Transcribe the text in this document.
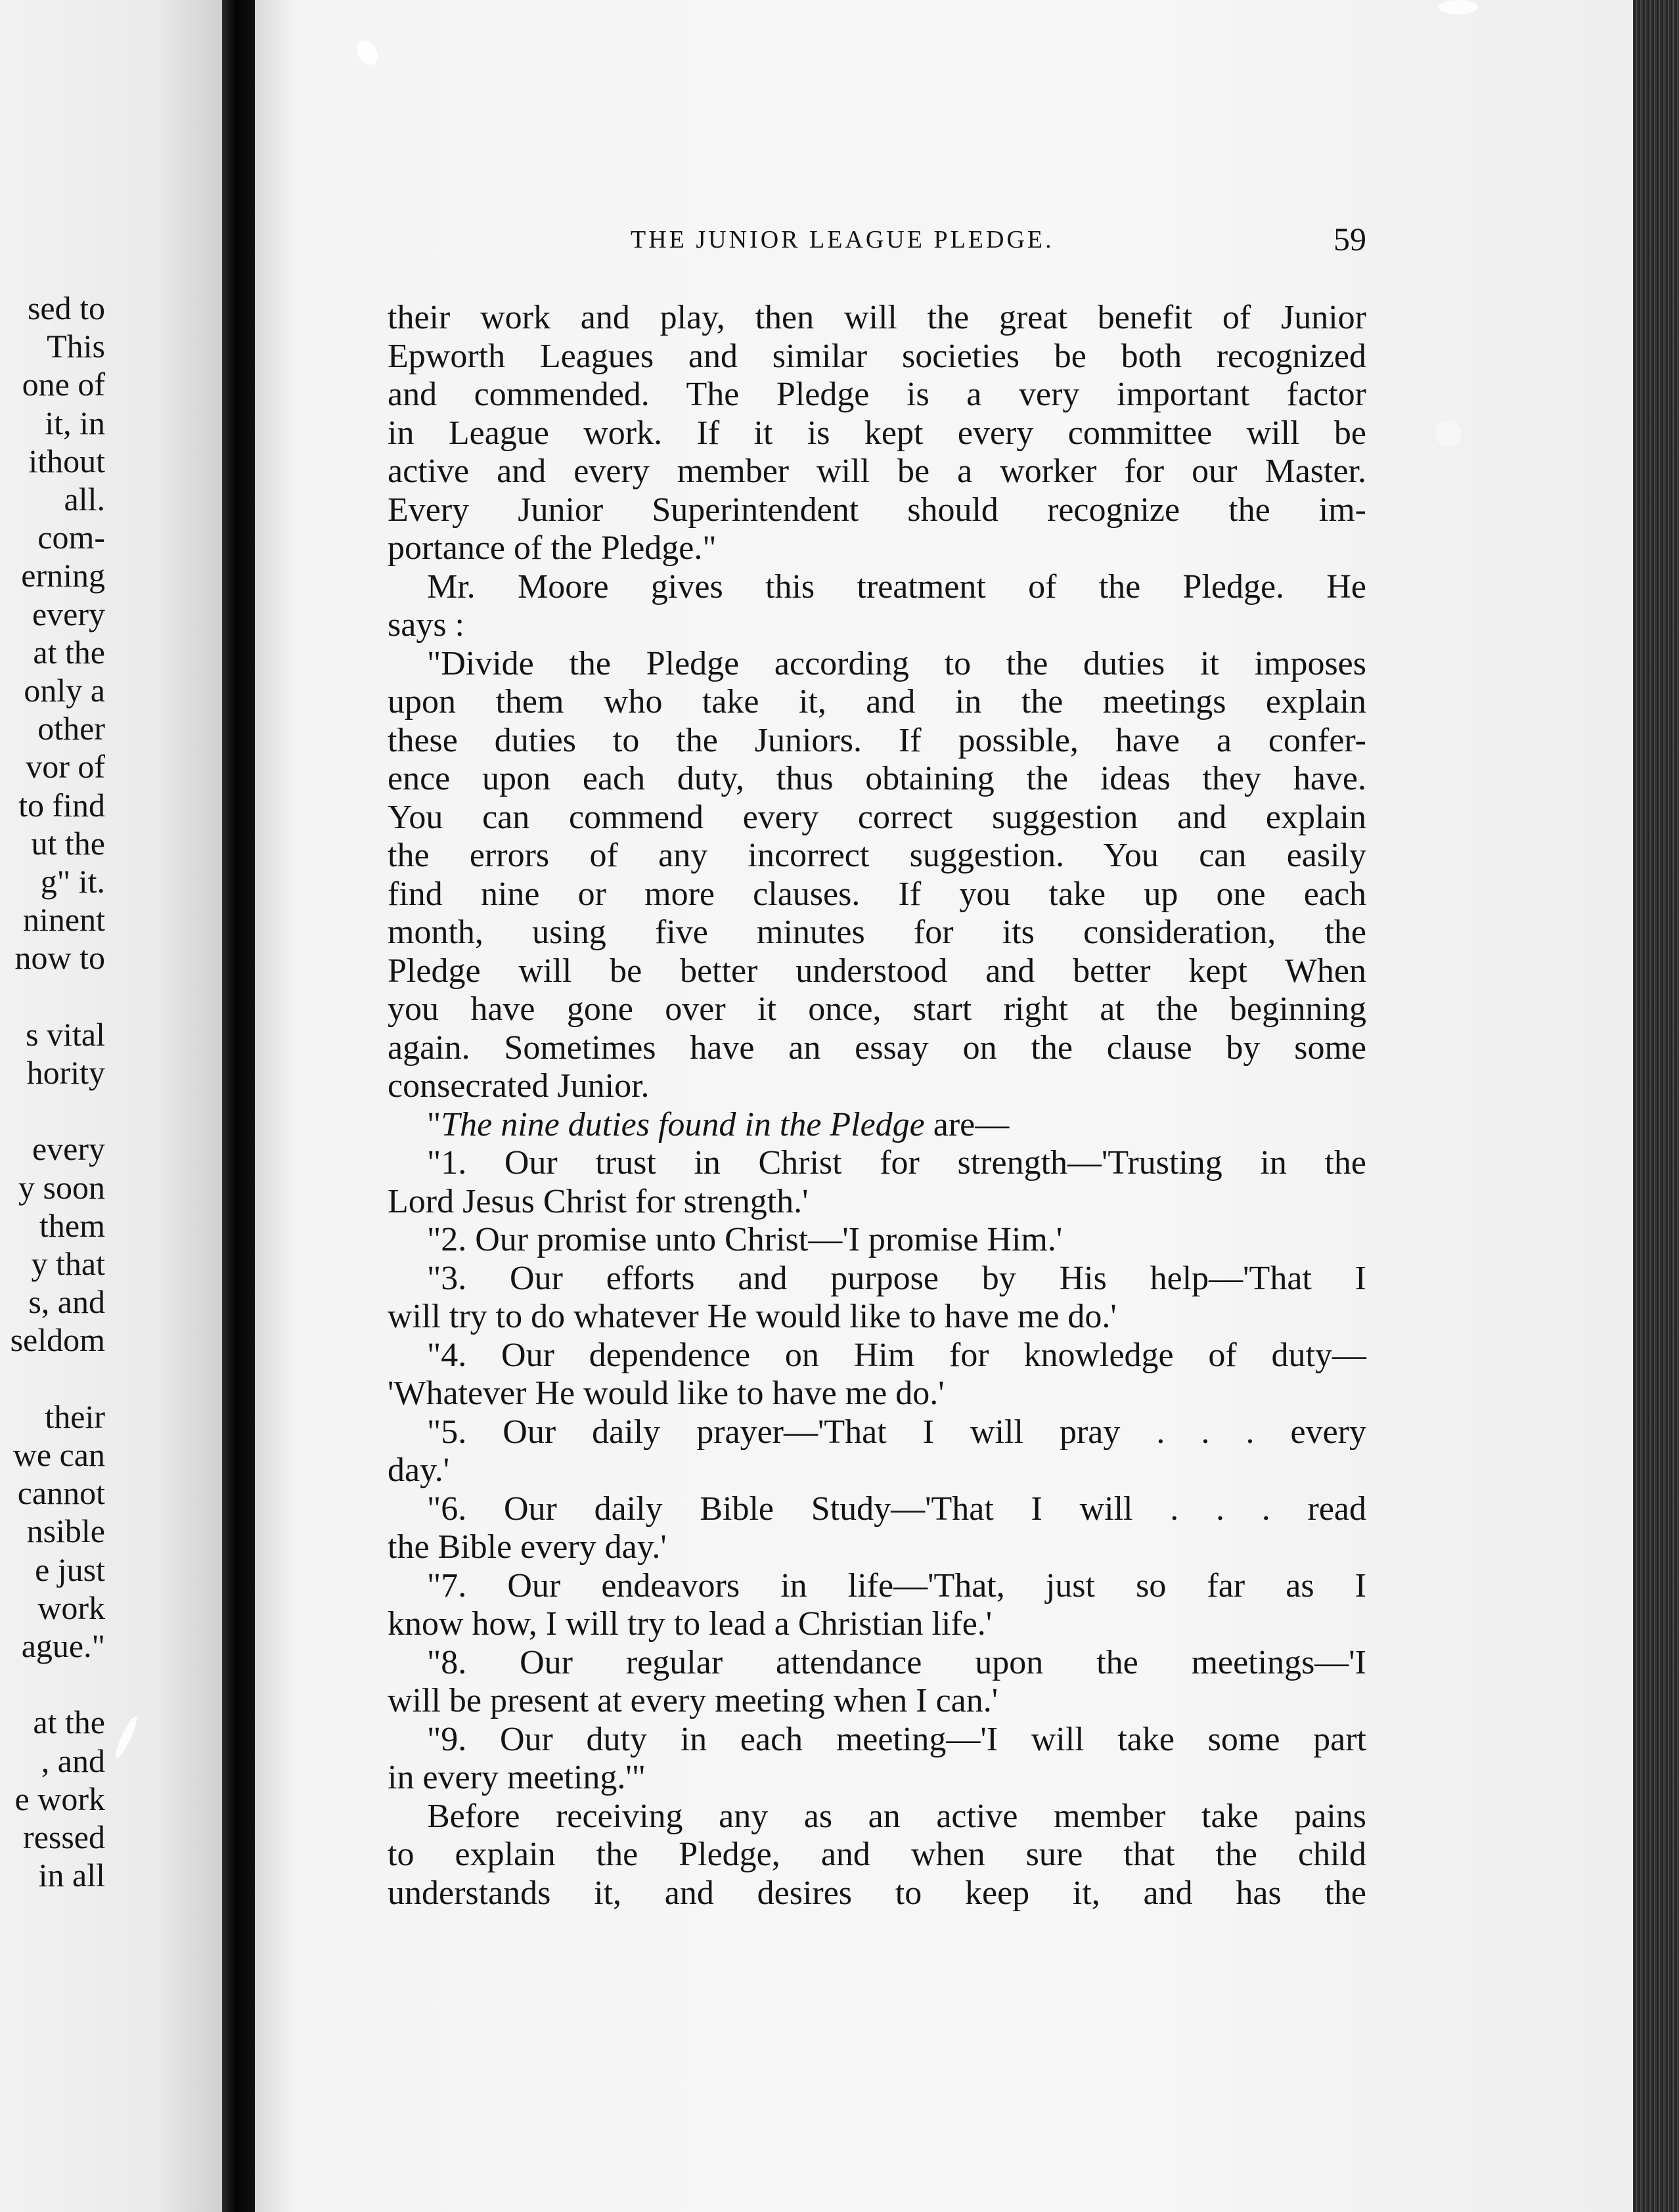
sed to
This
one of
it, in
ithout
all.
com-
erning
every
at the
only a
other
vor of
to find
ut the
g" it.
ninent
now to
s vital
hority
every
y soon
them
y that
s, and
seldom
their
we can
cannot
nsible
e just
work
ague."
at the
, and
e work
ressed
in all
THE JUNIOR LEAGUE PLEDGE.	59
their work and play, then will the great benefit of Junior
Epworth Leagues and similar societies be both recognized
and commended. The Pledge is a very important factor
in League work. If it is kept every committee will be
active and every member will be a worker for our Master.
Every Junior Superintendent should recognize the im-
portance of the Pledge."
Mr. Moore gives this treatment of the Pledge. He
says :
"Divide the Pledge according to the duties it imposes
upon them who take it, and in the meetings explain
these duties to the Juniors. If possible, have a confer-
ence upon each duty, thus obtaining the ideas they have.
You can commend every correct suggestion and explain
the errors of any incorrect suggestion. You can easily
find nine or more clauses. If you take up one each
month, using five minutes for its consideration, the
Pledge will be better understood and better kept When
you have gone over it once, start right at the beginning
again. Sometimes have an essay on the clause by some
consecrated Junior.
"The nine duties found in the Pledge are—
"1. Our trust in Christ for strength—'Trusting in the
Lord Jesus Christ for strength.'
"2. Our promise unto Christ—'I promise Him.'
"3. Our efforts and purpose by His help—'That I
will try to do whatever He would like to have me do.'
"4. Our dependence on Him for knowledge of duty—
'Whatever He would like to have me do.'
"5. Our daily prayer—'That I will pray . . . every
day.'
"6. Our daily Bible Study—'That I will . . . read
the Bible every day.'
"7. Our endeavors in life—'That, just so far as I
know how, I will try to lead a Christian life.'
"8. Our regular attendance upon the meetings—'I
will be present at every meeting when I can.'
"9. Our duty in each meeting—'I will take some part
in every meeting.'"
Before receiving any as an active member take pains
to explain the Pledge, and when sure that the child
understands it, and desires to keep it, and has the
